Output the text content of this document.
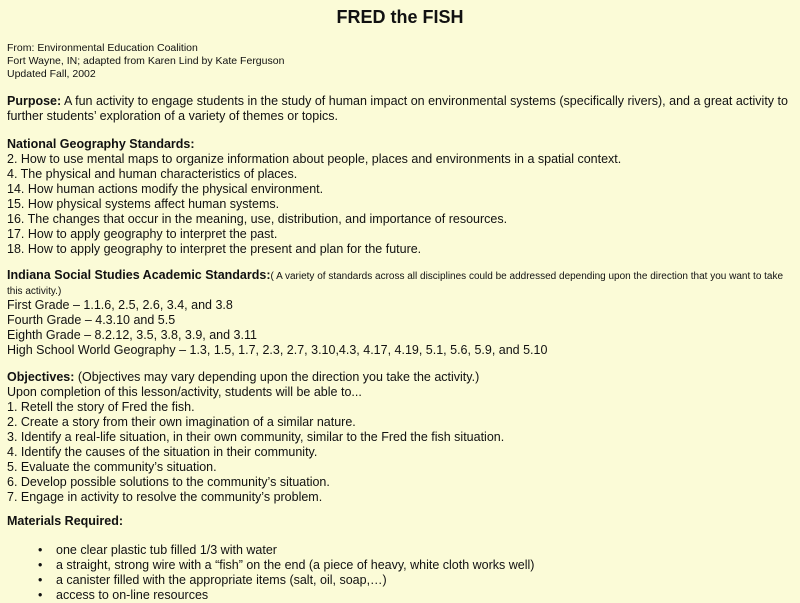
FRED the FISH
From: Environmental Education Coalition
Fort Wayne, IN; adapted from Karen Lind by Kate Ferguson
Updated Fall, 2002
Purpose: A fun activity to engage students in the study of human impact on environmental systems (specifically rivers), and a great activity to further students’ exploration of a variety of themes or topics.
National Geography Standards:
2. How to use mental maps to organize information about people, places and environments in a spatial context.
4. The physical and human characteristics of places.
14. How human actions modify the physical environment.
15. How physical systems affect human systems.
16. The changes that occur in the meaning, use, distribution, and importance of resources.
17. How to apply geography to interpret the past.
18. How to apply geography to interpret the present and plan for the future.
Indiana Social Studies Academic Standards:( A variety of standards across all disciplines could be addressed depending upon the direction that you want to take this activity.)
First Grade – 1.1.6, 2.5, 2.6, 3.4, and 3.8
Fourth Grade – 4.3.10 and 5.5
Eighth Grade – 8.2.12, 3.5, 3.8, 3.9, and 3.11
High School World Geography – 1.3, 1.5, 1.7, 2.3, 2.7, 3.10,4.3, 4.17, 4.19, 5.1, 5.6, 5.9, and 5.10
Objectives: (Objectives may vary depending upon the direction you take the activity.)
Upon completion of this lesson/activity, students will be able to...
1. Retell the story of Fred the fish.
2. Create a story from their own imagination of a similar nature.
3. Identify a real-life situation, in their own community, similar to the Fred the fish situation.
4. Identify the causes of the situation in their community.
5. Evaluate the community’s situation.
6. Develop possible solutions to the community’s situation.
7. Engage in activity to resolve the community’s problem.
Materials Required:
• one clear plastic tub filled 1/3 with water
• a straight, strong wire with a “fish” on the end (a piece of heavy, white cloth works well)
• a canister filled with the appropriate items (salt, oil, soap,…)
• access to on-line resources
